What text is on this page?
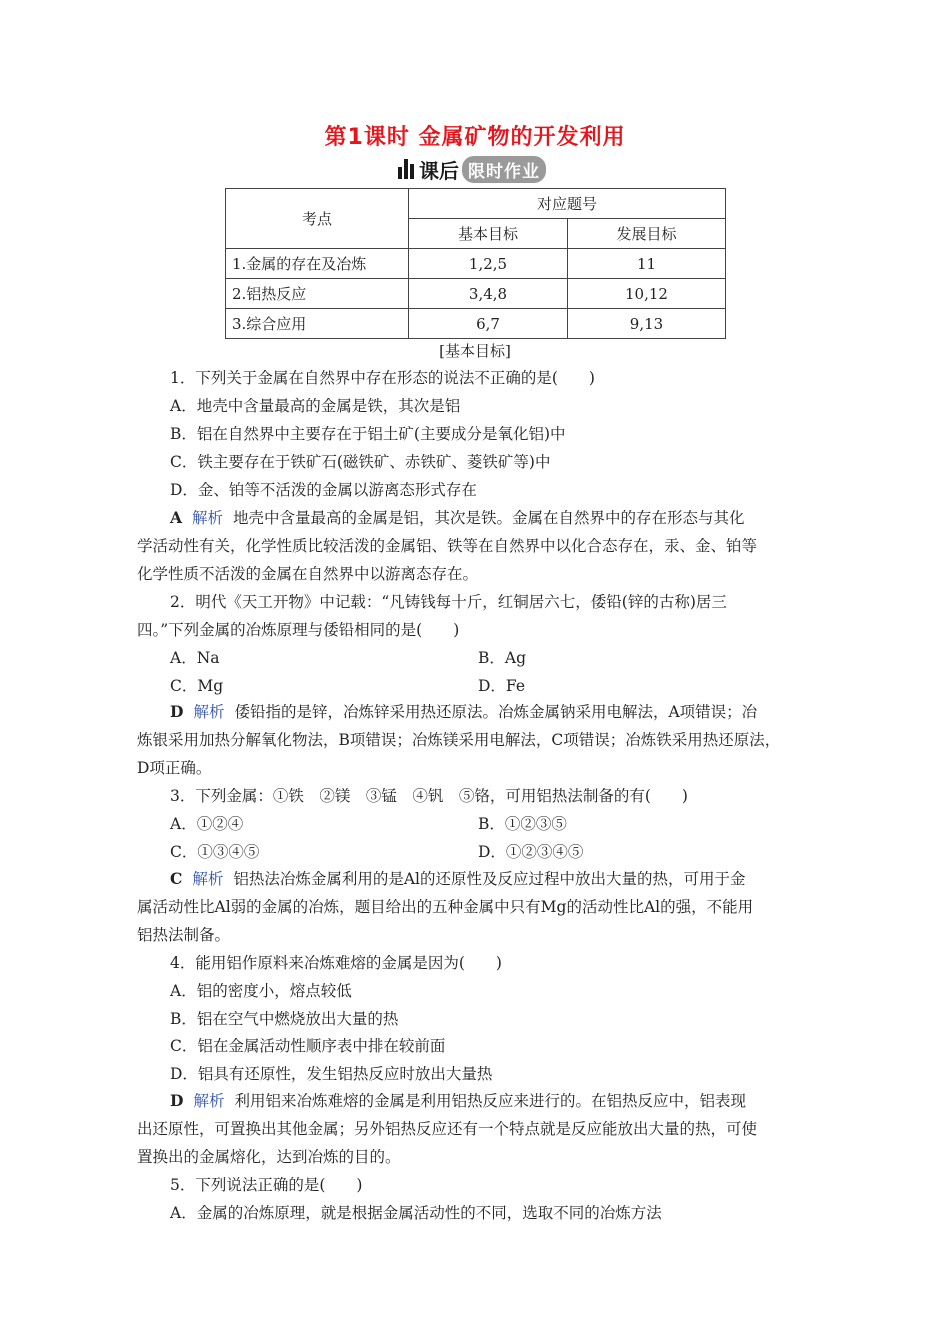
第1课时 金属矿物的开发利用
课后 限时作业
考点	对应题号	
	基本目标	发展目标
1.金属的存在及冶炼	1,2,5	11
2.铝热反应	3,4,8	10,12
3.综合应用	6,7	9,13
[基本目标]
1．下列关于金属在自然界中存在形态的说法不正确的是(　　)
A．地壳中含量最高的金属是铁，其次是铝
B．铝在自然界中主要存在于铝土矿(主要成分是氧化铝)中
C．铁主要存在于铁矿石(磁铁矿、赤铁矿、菱铁矿等)中
D．金、铂等不活泼的金属以游离态形式存在
A 解析 地壳中含量最高的金属是铝，其次是铁。金属在自然界中的存在形态与其化
学活动性有关，化学性质比较活泼的金属铝、铁等在自然界中以化合态存在，汞、金、铂等
化学性质不活泼的金属在自然界中以游离态存在。
2．明代《天工开物》中记载：“凡铸钱每十斤，红铜居六七，倭铅(锌的古称)居三
四。”下列金属的冶炼原理与倭铅相同的是(　　)
A．Na	B．Ag
C．Mg	D．Fe
D 解析 倭铅指的是锌，冶炼锌采用热还原法。冶炼金属钠采用电解法，A项错误；冶
炼银采用加热分解氧化物法，B项错误；冶炼镁采用电解法，C项错误；冶炼铁采用热还原法，
D项正确。
3．下列金属：①铁　②镁　③锰　④钒　⑤铬，可用铝热法制备的有(　　)
A．①②④	B．①②③⑤
C．①③④⑤	D．①②③④⑤
C 解析 铝热法冶炼金属利用的是Al的还原性及反应过程中放出大量的热，可用于金
属活动性比Al弱的金属的冶炼，题目给出的五种金属中只有Mg的活动性比Al的强，不能用
铝热法制备。
4．能用铝作原料来冶炼难熔的金属是因为(　　)
A．铝的密度小，熔点较低
B．铝在空气中燃烧放出大量的热
C．铝在金属活动性顺序表中排在较前面
D．铝具有还原性，发生铝热反应时放出大量热
D 解析 利用铝来冶炼难熔的金属是利用铝热反应来进行的。在铝热反应中，铝表现
出还原性，可置换出其他金属；另外铝热反应还有一个特点就是反应能放出大量的热，可使
置换出的金属熔化，达到冶炼的目的。
5．下列说法正确的是(　　)
A．金属的冶炼原理，就是根据金属活动性的不同，选取不同的冶炼方法
